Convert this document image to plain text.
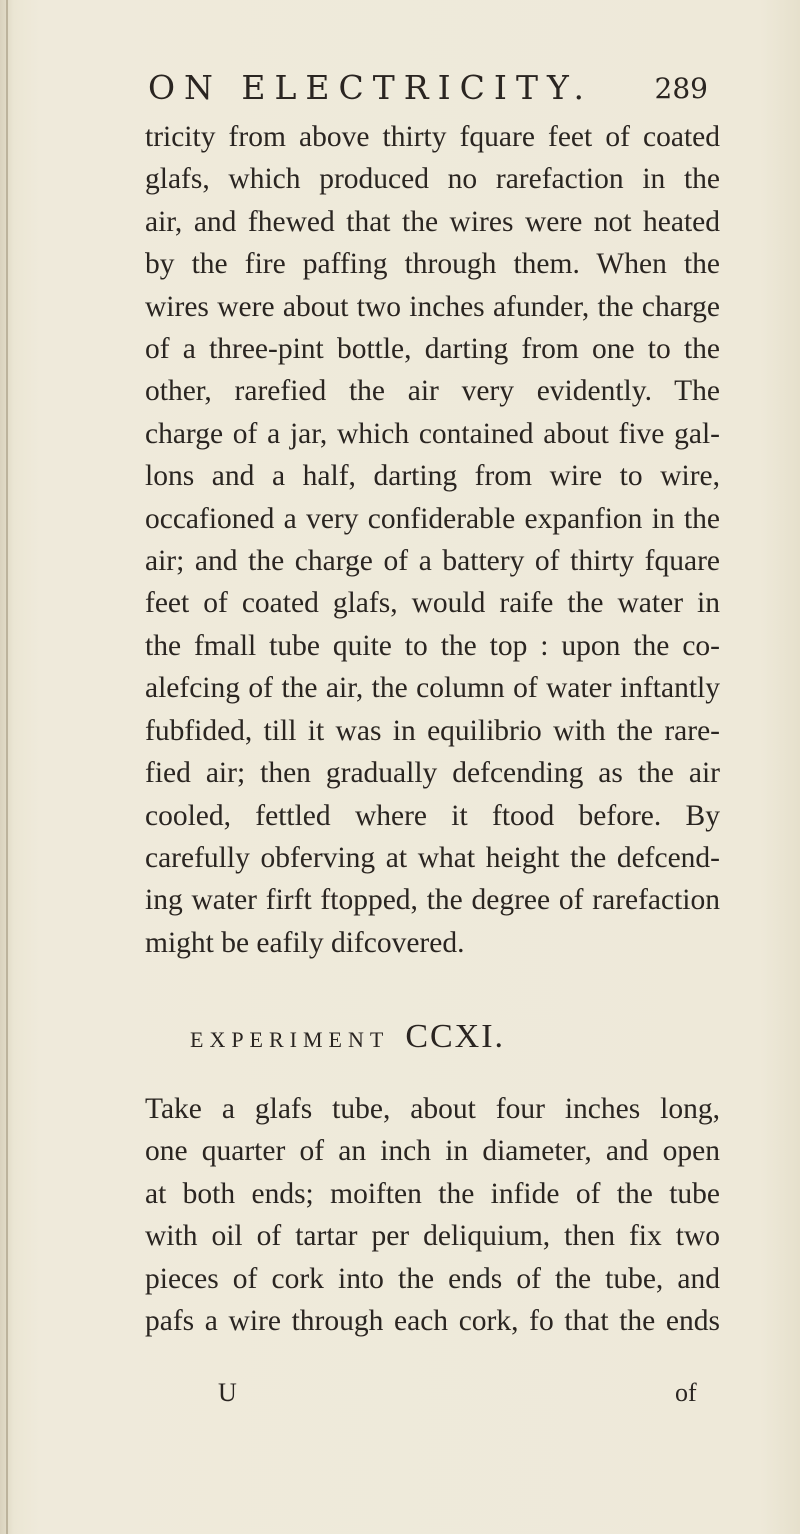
ON ELECTRICITY. 289
tricity from above thirty fquare feet of coated
glafs, which produced no rarefaction in the
air, and fhewed that the wires were not heated
by the fire paffing through them. When the
wires were about two inches afunder, the charge
of a three-pint bottle, darting from one to the
other, rarefied the air very evidently. The
charge of a jar, which contained about five gal-
lons and a half, darting from wire to wire,
occafioned a very confiderable expanfion in the
air; and the charge of a battery of thirty fquare
feet of coated glafs, would raife the water in
the fmall tube quite to the top : upon the co-
alefcing of the air, the column of water inftantly
fubfided, till it was in equilibrio with the rare-
fied air; then gradually defcending as the air
cooled, fettled where it ftood before. By
carefully obferving at what height the defcend-
ing water firft ftopped, the degree of rarefaction
might be eafily difcovered.
EXPERIMENT CCXI.
Take a glafs tube, about four inches long,
one quarter of an inch in diameter, and open
at both ends; moiften the infide of the tube
with oil of tartar per deliquium, then fix two
pieces of cork into the ends of the tube, and
pafs a wire through each cork, fo that the ends
U	of
